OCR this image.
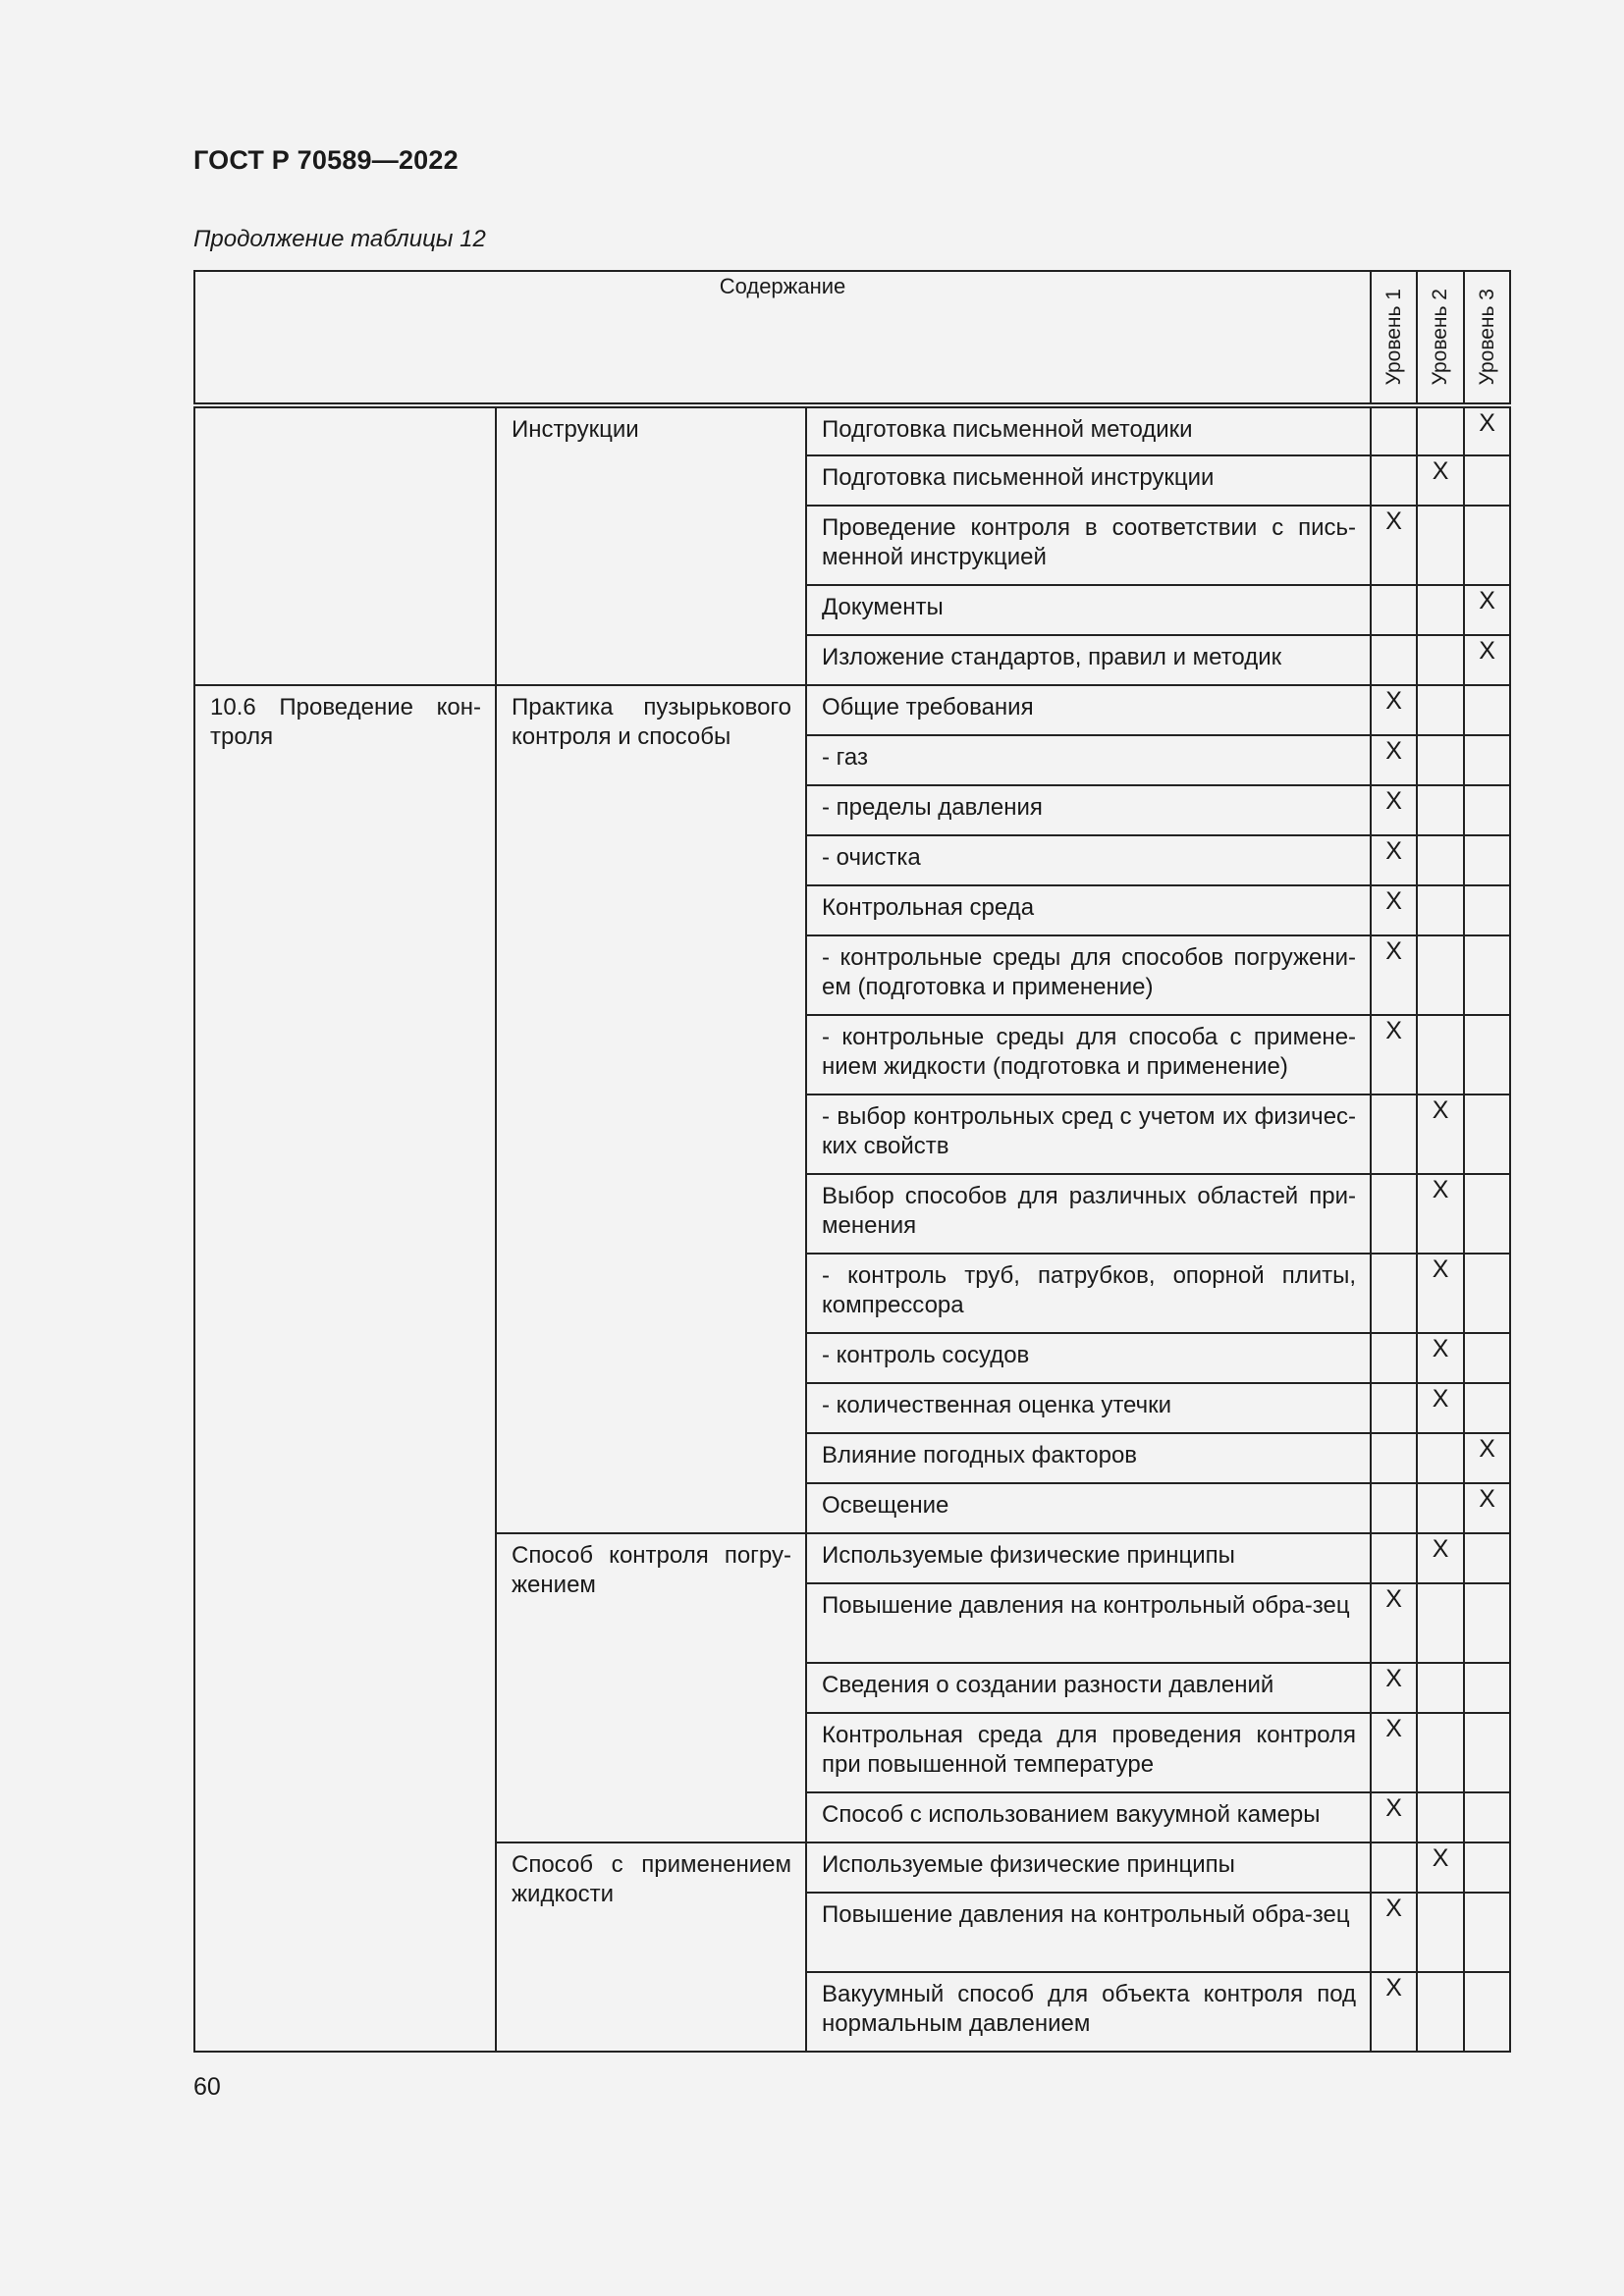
ГОСТ Р 70589—2022
Продолжение таблицы 12
Содержание			Уровень 1	Уровень 2	Уровень 3

	Инструкции	Подготовка письменной методики			X

		Подготовка письменной инструкции		X	

		Проведение контроля в соответствии с пись-менной инструкцией	X		

		Документы			X

		Изложение стандартов, правил и методик			X

10.6 Проведение кон-троля	Практика пузырькового контроля и способы	Общие требования	X		

		- газ	X		

		- пределы давления	X		

		- очистка	X		

		Контрольная среда	X		

		- контрольные среды для способов погружени-ем (подготовка и применение)	X		

		- контрольные среды для способа с примене-нием жидкости (подготовка и применение)	X		

		- выбор контрольных сред с учетом их физичес-ких свойств		X	

		Выбор способов для различных областей при-менения		X	

		- контроль труб, патрубков, опорной плиты, компрессора		X	

		- контроль сосудов		X	

		- количественная оценка утечки		X	

		Влияние погодных факторов			X

		Освещение			X

	Способ контроля погру-жением	Используемые физические принципы		X	

		Повышение давления на контрольный обра-зец	X		

		Сведения о создании разности давлений	X		

		Контрольная среда для проведения контроля при повышенной температуре	X		

		Способ с использованием вакуумной камеры	X		

	Способ с применением жидкости	Используемые физические принципы		X	

		Повышение давления на контрольный обра-зец	X		

		Вакуумный способ для объекта контроля под нормальным давлением	X		
60
